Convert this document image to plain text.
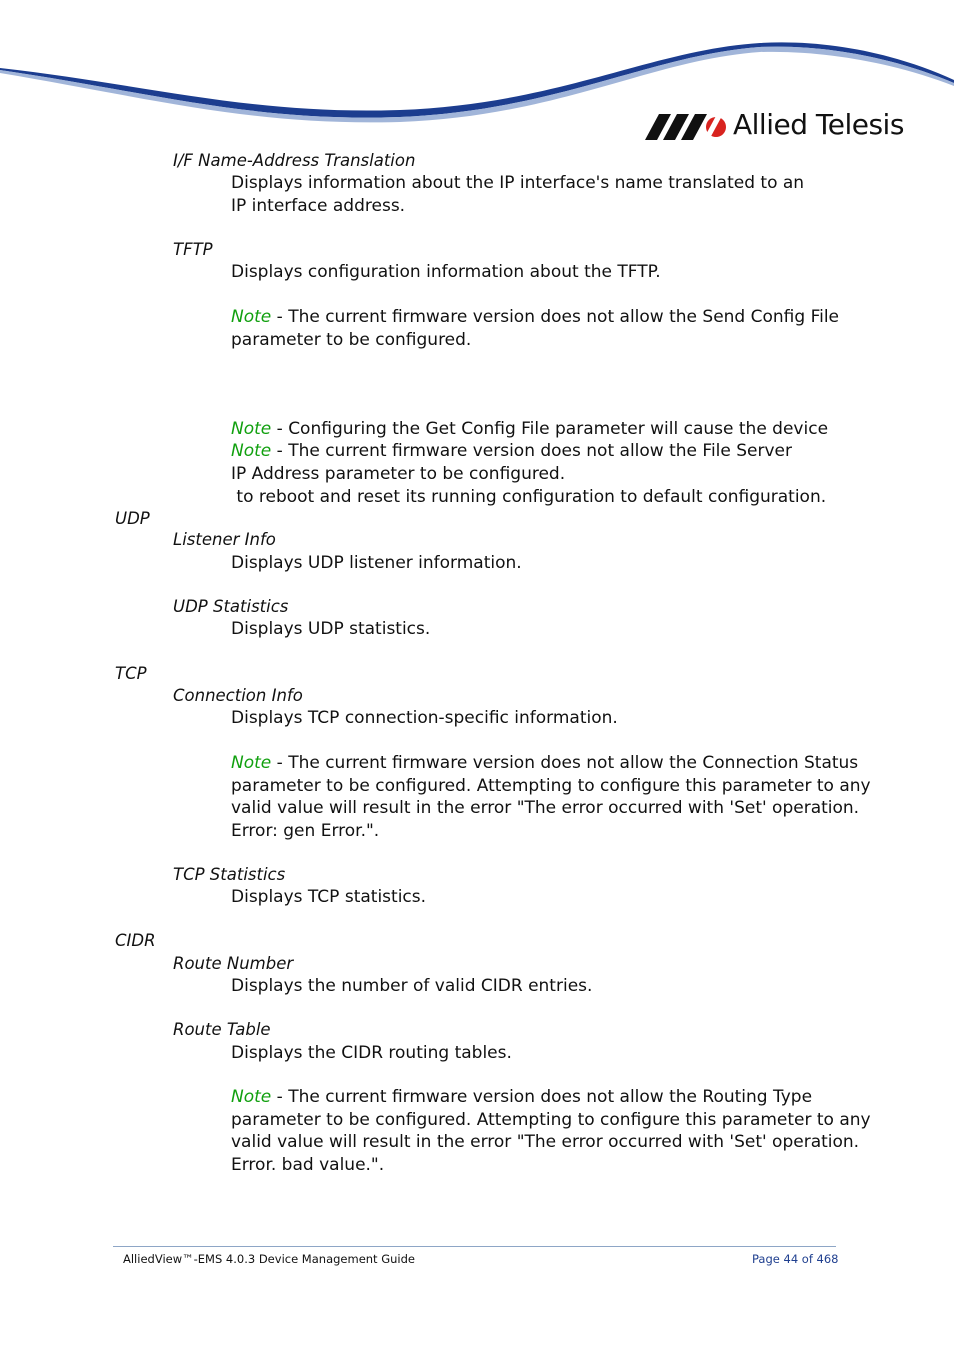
Allied Telesis

I/F Name-Address Translation

Displays information about the IP interface's name translated to an
IP interface address.

TFTP

Displays configuration information about the TFTP.

Note - The current firmware version does not allow the Send Config File
parameter to be configured.

Note - Configuring the Get Config File parameter will cause the device

to reboot and reset its running configuration to default configuration.

Note - The current firmware version does not allow the File Server
IP Address parameter to be configured.

UDP

Listener Info

Displays UDP listener information.

UDP Statistics

Displays UDP statistics.

TCP

Connection Info

Displays TCP connection-specific information.

Note - The current firmware version does not allow the Connection Status
parameter to be configured. Attempting to configure this parameter to any
valid value will result in the error "The error occurred with 'Set' operation.
Error: gen Error.".

TCP Statistics

Displays TCP statistics.

CIDR

Route Number

Displays the number of valid CIDR entries.

Route Table

Displays the CIDR routing tables.

Note - The current firmware version does not allow the Routing Type
parameter to be configured. Attempting to configure this parameter to any
valid value will result in the error "The error occurred with 'Set' operation.
Error. bad value.".
AlliedView™-EMS 4.0.3 Device Management Guide	Page 44 of 468
